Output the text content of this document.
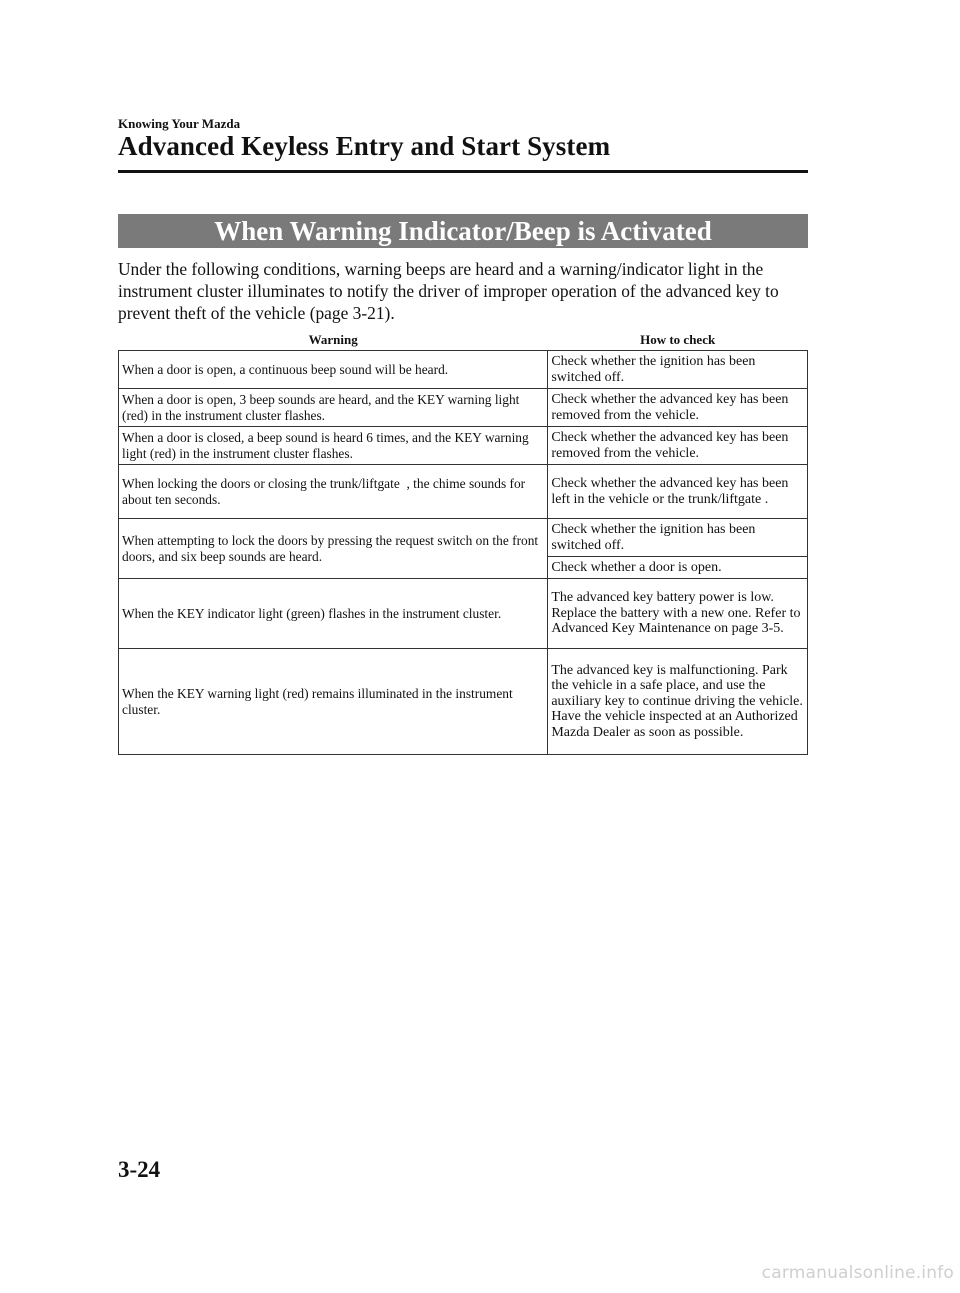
Knowing Your Mazda
Advanced Keyless Entry and Start System
When Warning Indicator/Beep is Activated
Under the following conditions, warning beeps are heard and a warning/indicator light in the instrument cluster illuminates to notify the driver of improper operation of the advanced key to prevent theft of the vehicle (page 3-21).
Warning	How to check
When a door is open, a continuous beep sound will be heard.	Check whether the ignition has been switched off.
When a door is open, 3 beep sounds are heard, and the KEY warning light (red) in the instrument cluster flashes.	Check whether the advanced key has been removed from the vehicle.
When a door is closed, a beep sound is heard 6 times, and the KEY warning light (red) in the instrument cluster flashes.	Check whether the advanced key has been removed from the vehicle.
When locking the doors or closing the trunk/liftgate  , the chime sounds for about ten seconds.	Check whether the advanced key has been left in the vehicle or the trunk/liftgate .
When attempting to lock the doors by pressing the request switch on the front doors, and six beep sounds are heard.	Check whether the ignition has been switched off.
	Check whether a door is open.
When the KEY indicator light (green) flashes in the instrument cluster.	The advanced key battery power is low. Replace the battery with a new one. Refer to Advanced Key Maintenance on page 3-5.
When the KEY warning light (red) remains illuminated in the instrument cluster.	The advanced key is malfunctioning. Park the vehicle in a safe place, and use the auxiliary key to continue driving the vehicle. Have the vehicle inspected at an Authorized Mazda Dealer as soon as possible.
3-24
carmanualsonline.info
